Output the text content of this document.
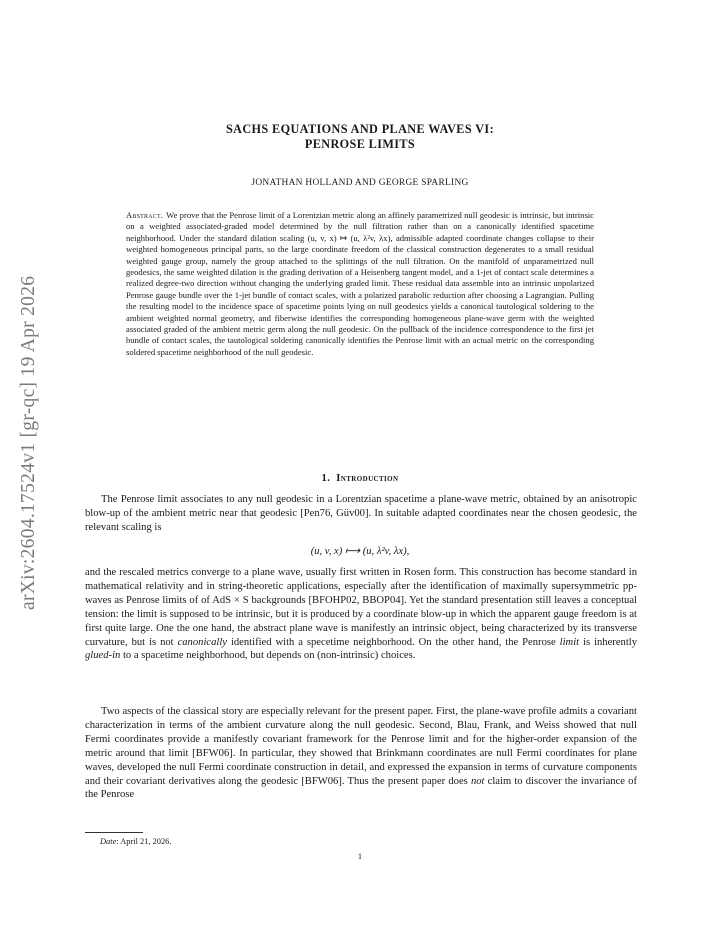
arXiv:2604.17524v1 [gr-qc] 19 Apr 2026
SACHS EQUATIONS AND PLANE WAVES VI:
PENROSE LIMITS

JONATHAN HOLLAND AND GEORGE SPARLING

Abstract. We prove that the Penrose limit of a Lorentzian metric along an affinely parametrized null geodesic is intrinsic, but intrinsic on a weighted associated-graded model determined by the null filtration rather than on a canonically identified spacetime neighborhood. Under the standard dilation scaling (u, v, x) ↦ (u, λ²v, λx), admissible adapted coordinate changes collapse to their weighted homogeneous principal parts, so the large coordinate freedom of the classical construction degenerates to a small residual weighted gauge group, namely the group attached to the splittings of the null filtration. On the manifold of unparametrized null geodesics, the same weighted dilation is the grading derivation of a Heisenberg tangent model, and a 1-jet of contact scale determines a realized degree-two direction without changing the underlying graded limit. These residual data assemble into an intrinsic unpolarized Penrose gauge bundle over the 1-jet bundle of contact scales, with a polarized parabolic reduction after choosing a Lagrangian. Pulling the resulting model to the incidence space of spacetime points lying on null geodesics yields a canonical tautological soldering to the ambient weighted normal geometry, and fiberwise identifies the corresponding homogeneous plane-wave germ with the weighted associated graded of the ambient metric germ along the null geodesic. On the pullback of the incidence correspondence to the first jet bundle of contact scales, the tautological soldering canonically identifies the Penrose limit with an actual metric on the corresponding soldered spacetime neighborhood of the null geodesic.

1. Introduction

The Penrose limit associates to any null geodesic in a Lorentzian spacetime a plane-wave metric, obtained by an anisotropic blow-up of the ambient metric near that geodesic [Pen76, Güv00]. In suitable adapted coordinates near the chosen geodesic, the relevant scaling is

(u, v, x) ⟼ (u, λ²v, λx),

and the rescaled metrics converge to a plane wave, usually first written in Rosen form. This construction has become standard in mathematical relativity and in string-theoretic applications, especially after the identification of maximally supersymmetric pp-waves as Penrose limits of of AdS × S backgrounds [BFOHP02, BBOP04]. Yet the standard presentation still leaves a conceptual tension: the limit is supposed to be intrinsic, but it is produced by a coordinate blow-up in which the apparent gauge freedom is at first quite large. One the one hand, the abstract plane wave is manifestly an intrinsic object, being characterized by its transverse curvature, but is not canonically identified with a specetime neighborhood. On the other hand, the Penrose limit is inherently glued-in to a spacetime neighborhood, but depends on (non-intrinsic) choices.

Two aspects of the classical story are especially relevant for the present paper. First, the plane-wave profile admits a covariant characterization in terms of the ambient curvature along the null geodesic. Second, Blau, Frank, and Weiss showed that null Fermi coordinates provide a manifestly covariant framework for the Penrose limit and for the higher-order expansion of the metric around that limit [BFW06]. In particular, they showed that Brinkmann coordinates are null Fermi coordinates for plane waves, developed the null Fermi coordinate construction in detail, and expressed the expansion in terms of curvature components and their covariant derivatives along the geodesic [BFW06]. Thus the present paper does not claim to discover the invariance of the Penrose

Date: April 21, 2026.

1
